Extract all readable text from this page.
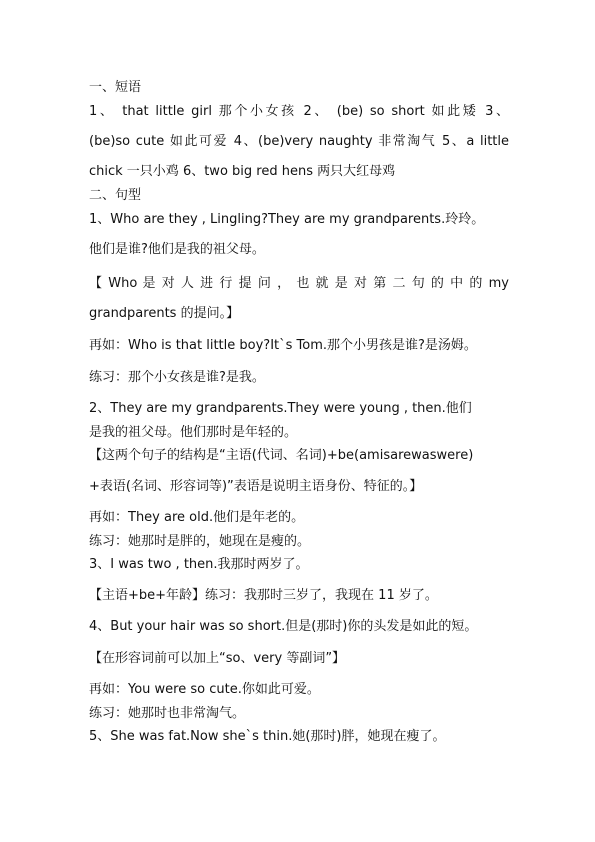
一、短语
1、 that little girl 那个小女孩 2、 (be) so short 如此矮 3、
(be)so cute 如此可爱 4、(be)very naughty 非常淘气 5、a little
chick 一只小鸡 6、two big red hens 两只大红母鸡
二、句型
1、Who are they , Lingling?They are my grandparents.玲玲。
他们是谁?他们是我的祖父母。
【 Who 是 对 人 进 行 提 问 ， 也 就 是 对 第 二 句 的 中 的 my
grandparents 的提问。】
再如：Who is that little boy?It`s Tom.那个小男孩是谁?是汤姆。
练习：那个小女孩是谁?是我。
2、They are my grandparents.They were young , then.他们
是我的祖父母。他们那时是年轻的。
【这两个句子的结构是“主语(代词、名词)+be(amisarewaswere)
+表语(名词、形容词等)”表语是说明主语身份、特征的。】
再如：They are old.他们是年老的。
练习：她那时是胖的，她现在是瘦的。
3、I was two , then.我那时两岁了。
【主语+be+年龄】练习：我那时三岁了，我现在 11 岁了。
4、But your hair was so short.但是(那时)你的头发是如此的短。
【在形容词前可以加上“so、very 等副词”】
再如：You were so cute.你如此可爱。
练习：她那时也非常淘气。
5、She was fat.Now she`s thin.她(那时)胖，她现在瘦了。
